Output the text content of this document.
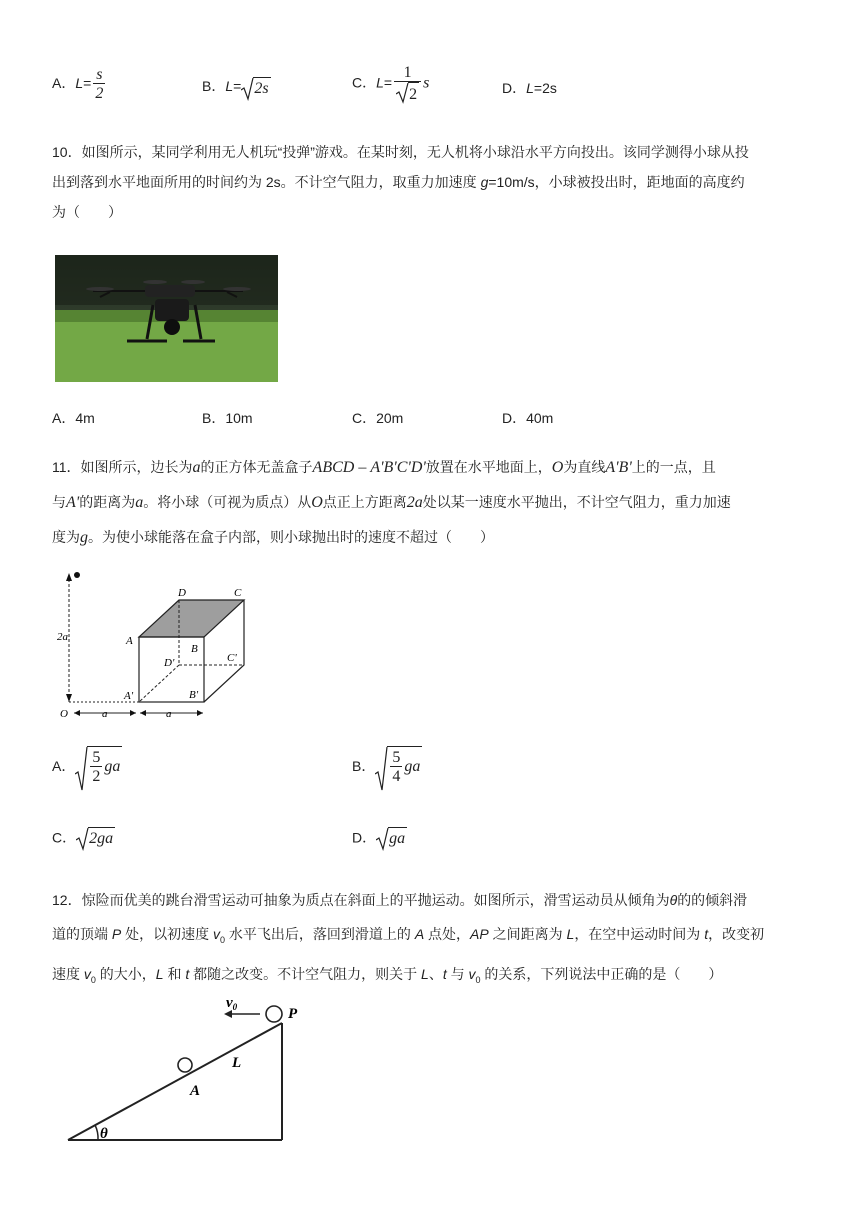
A．$L= \frac{s}{2}$	B．L= 2s	C．$L= \frac{1}{2}$ s	D．L=2s
10．如图所示，某同学利用无人机玩“投弹”游戏。在某时刻，无人机将小球沿水平方向投出。该同学测得小球从投
出到落到水平地面所用的时间约为 2s。不计空气阻力，取重力加速度 g=10m/s，小球被投出时，距地面的高度约
为（　　）
A．4m	B．10m	C．20m	D．40m
11．如图所示，边长为a的正方体无盖盒子ABCD – A'B'C'D'放置在水平地面上，O为直线A'B'上的一点，且
与A'的距离为a。将小球（可视为质点）从O点正上方距离2a处以某一速度水平抛出，不计空气阻力，重力加速
度为g。为使小球能落在盒子内部，则小球抛出时的速度不超过（　　）
D	C
A
B
D'	C'
A'	B'
O	a	a
2a
A． $\frac{5}{2}$ ga	B． $\frac{5}{4}$ ga
C． 2ga	D． ga
12．惊险而优美的跳台滑雪运动可抽象为质点在斜面上的平抛运动。如图所示，滑雪运动员从倾角为θ的的倾斜滑
道的顶端 P 处，以初速度 $v_0$ 水平飞出后，落回到滑道上的 A 点处，AP 之间距离为 L，在空中运动时间为 t，改变初
速度 $v_0$ 的大小，L 和 t 都随之改变。不计空气阻力，则关于 L、t 与 $v_0$ 的关系，下列说法中正确的是（　　）
$v_0$	P
L
A
θ
